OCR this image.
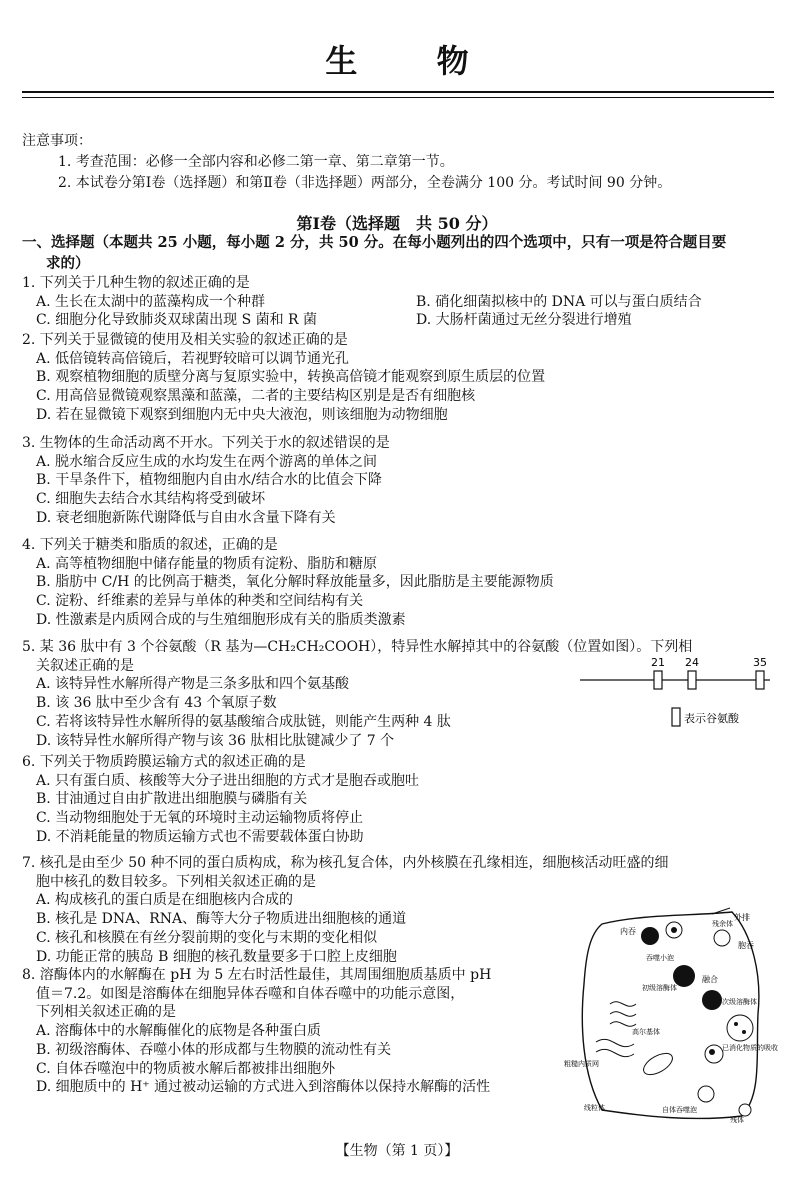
生 物
注意事项：
1. 考查范围：必修一全部内容和必修二第一章、第二章第一节。
2. 本试卷分第Ⅰ卷（选择题）和第Ⅱ卷（非选择题）两部分，全卷满分 100 分。考试时间 90 分钟。
第Ⅰ卷（选择题　共 50 分）
一、选择题（本题共 25 小题，每小题 2 分，共 50 分。在每小题列出的四个选项中，只有一项是符合题目要
求的）
1. 下列关于几种生物的叙述正确的是
A. 生长在太湖中的蓝藻构成一个种群	B. 硝化细菌拟核中的 DNA 可以与蛋白质结合
C. 细胞分化导致肺炎双球菌出现 S 菌和 R 菌	D. 大肠杆菌通过无丝分裂进行增殖
2. 下列关于显微镜的使用及相关实验的叙述正确的是
A. 低倍镜转高倍镜后，若视野较暗可以调节通光孔
B. 观察植物细胞的质壁分离与复原实验中，转换高倍镜才能观察到原生质层的位置
C. 用高倍显微镜观察黑藻和蓝藻，二者的主要结构区别是是否有细胞核
D. 若在显微镜下观察到细胞内无中央大液泡，则该细胞为动物细胞
3. 生物体的生命活动离不开水。下列关于水的叙述错误的是
A. 脱水缩合反应生成的水均发生在两个游离的单体之间
B. 干旱条件下，植物细胞内自由水/结合水的比值会下降
C. 细胞失去结合水其结构将受到破坏
D. 衰老细胞新陈代谢降低与自由水含量下降有关
4. 下列关于糖类和脂质的叙述，正确的是
A. 高等植物细胞中储存能量的物质有淀粉、脂肪和糖原
B. 脂肪中 C/H 的比例高于糖类，氧化分解时释放能量多，因此脂肪是主要能源物质
C. 淀粉、纤维素的差异与单体的种类和空间结构有关
D. 性激素是内质网合成的与生殖细胞形成有关的脂质类激素
5. 某 36 肽中有 3 个谷氨酸（R 基为—CH₂CH₂COOH），特异性水解掉其中的谷氨酸（位置如图）。下列相
关叙述正确的是
A. 该特异性水解所得产物是三条多肽和四个氨基酸
B. 该 36 肽中至少含有 43 个氧原子数
C. 若将该特异性水解所得的氨基酸缩合成肽链，则能产生两种 4 肽
D. 该特异性水解所得产物与该 36 肽相比肽键减少了 7 个
21 24	35
表示谷氨酸
6. 下列关于物质跨膜运输方式的叙述正确的是
A. 只有蛋白质、核酸等大分子进出细胞的方式才是胞吞或胞吐
B. 甘油通过自由扩散进出细胞膜与磷脂有关
C. 当动物细胞处于无氧的环境时主动运输物质将停止
D. 不消耗能量的物质运输方式也不需要载体蛋白协助
7. 核孔是由至少 50 种不同的蛋白质构成，称为核孔复合体，内外核膜在孔缘相连，细胞核活动旺盛的细
胞中核孔的数目较多。下列相关叙述正确的是
A. 构成核孔的蛋白质是在细胞核内合成的
B. 核孔是 DNA、RNA、酶等大分子物质进出细胞核的通道
C. 核孔和核膜在有丝分裂前期的变化与末期的变化相似
D. 功能正常的胰岛 B 细胞的核孔数量要多于口腔上皮细胞
8. 溶酶体内的水解酶在 pH 为 5 左右时活性最佳，其周围细胞质基质中 pH
值＝7.2。如图是溶酶体在细胞异体吞噬和自体吞噬中的功能示意图，
下列相关叙述正确的是
A. 溶酶体中的水解酶催化的底物是各种蛋白质
B. 初级溶酶体、吞噬小体的形成都与生物膜的流动性有关
C. 自体吞噬泡中的物质被水解后都被排出细胞外
D. 细胞质中的 H⁺ 通过被动运输的方式进入到溶酶体以保持水解酶的活性
外排
胞吞
内吞
残余体
吞噬小泡
融合
次级溶酶体
已消化物质的吸收
初级溶酶体
高尔基体
粗糙内质网
线粒体	自体吞噬泡
残体
【生物（第 1 页）】
